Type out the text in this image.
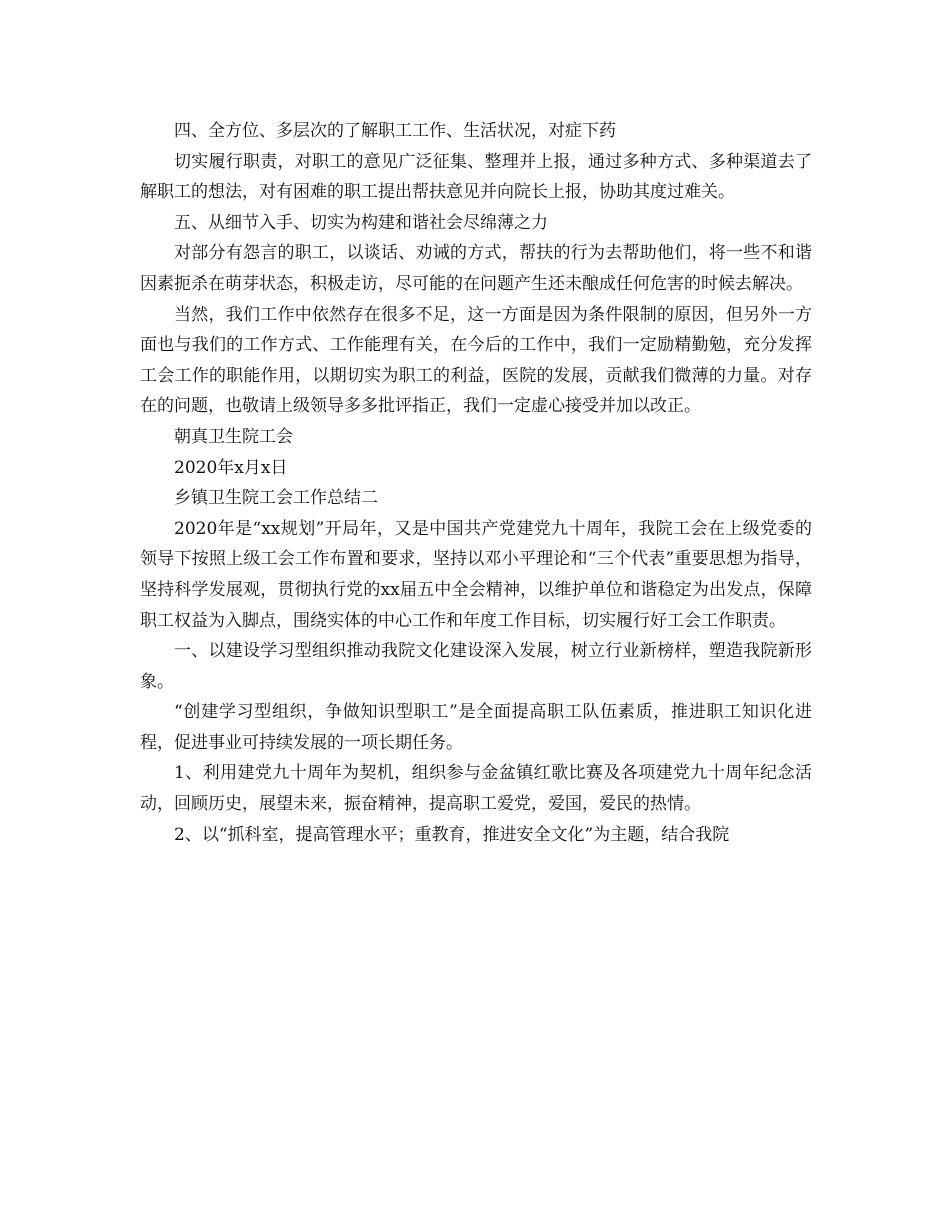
四、全方位、多层次的了解职工工作、生活状况，对症下药

切实履行职责，对职工的意见广泛征集、整理并上报，通过多种方式、多种渠道去了解职工的想法，对有困难的职工提出帮扶意见并向院长上报，协助其度过难关。

五、从细节入手、切实为构建和谐社会尽绵薄之力

对部分有怨言的职工，以谈话、劝诫的方式，帮扶的行为去帮助他们，将一些不和谐因素扼杀在萌芽状态，积极走访，尽可能的在问题产生还未酿成任何危害的时候去解决。

当然，我们工作中依然存在很多不足，这一方面是因为条件限制的原因，但另外一方面也与我们的工作方式、工作能理有关，在今后的工作中，我们一定励精勤勉，充分发挥工会工作的职能作用，以期切实为职工的利益，医院的发展，贡献我们微薄的力量。对存在的问题，也敬请上级领导多多批评指正，我们一定虚心接受并加以改正。

朝真卫生院工会

2020年x月x日

乡镇卫生院工会工作总结二

2020年是“xx规划”开局年，又是中国共产党建党九十周年，我院工会在上级党委的领导下按照上级工会工作布置和要求，坚持以邓小平理论和“三个代表”重要思想为指导，坚持科学发展观，贯彻执行党的xx届五中全会精神，以维护单位和谐稳定为出发点，保障职工权益为入脚点，围绕实体的中心工作和年度工作目标，切实履行好工会工作职责。

一、以建设学习型组织推动我院文化建设深入发展，树立行业新榜样，塑造我院新形象。

“创建学习型组织，争做知识型职工”是全面提高职工队伍素质，推进职工知识化进程，促进事业可持续发展的一项长期任务。

1、利用建党九十周年为契机，组织参与金盆镇红歌比赛及各项建党九十周年纪念活动，回顾历史，展望未来，振奋精神，提高职工爱党，爱国，爱民的热情。

2、以“抓科室，提高管理水平；重教育，推进安全文化”为主题，结合我院
